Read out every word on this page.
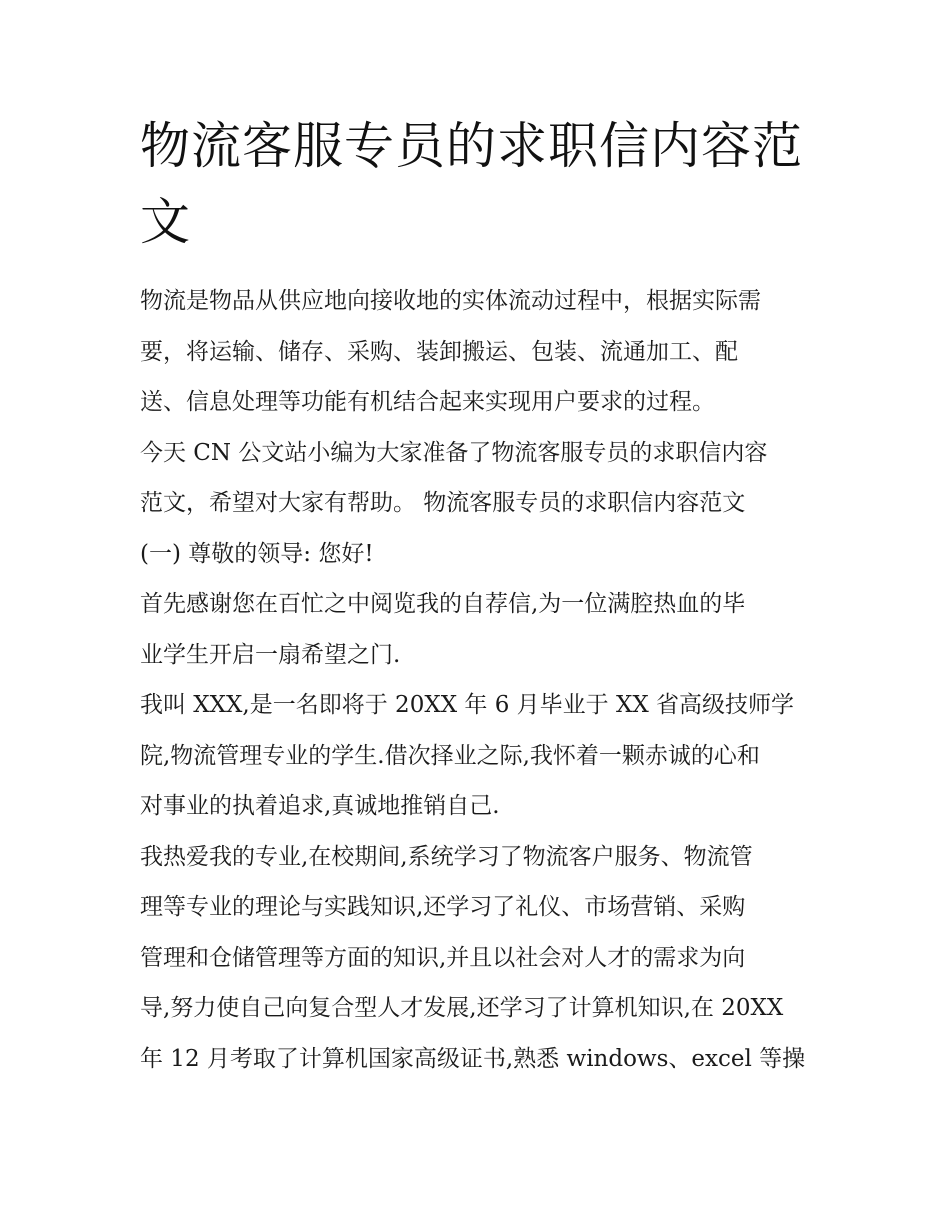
物流客服专员的求职信内容范
文

物流是物品从供应地向接收地的实体流动过程中，根据实际需
要，将运输、储存、采购、装卸搬运、包装、流通加工、配
送、信息处理等功能有机结合起来实现用户要求的过程。

今天 CN 公文站小编为大家准备了物流客服专员的求职信内容
范文，希望对大家有帮助。 物流客服专员的求职信内容范文
(一) 尊敬的领导: 您好!

首先感谢您在百忙之中阅览我的自荐信,为一位满腔热血的毕
业学生开启一扇希望之门.

我叫 XXX,是一名即将于 20XX 年 6 月毕业于 XX 省高级技师学
院,物流管理专业的学生.借次择业之际,我怀着一颗赤诚的心和
对事业的执着追求,真诚地推销自己.

我热爱我的专业,在校期间,系统学习了物流客户服务、物流管
理等专业的理论与实践知识,还学习了礼仪、市场营销、采购
管理和仓储管理等方面的知识,并且以社会对人才的需求为向
导,努力使自己向复合型人才发展,还学习了计算机知识,在 20XX
年 12 月考取了计算机国家高级证书,熟悉 windows、excel 等操
